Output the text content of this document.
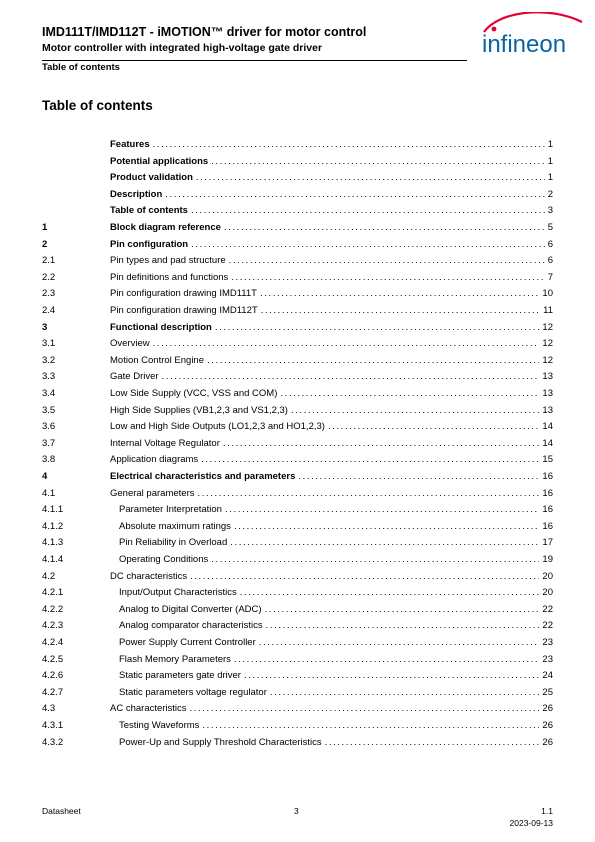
IMD111T/IMD112T - iMOTION™ driver for motor control
Motor controller with integrated high-voltage gate driver
Table of contents
infineon
Table of contents
Features .....	1
Potential applications .....	1
Product validation .....	1
Description .....	2
Table of contents .....	3
1	Block diagram reference .....	5
2	Pin configuration .....	6
2.1	Pin types and pad structure .....	6
2.2	Pin definitions and functions .....	7
2.3	Pin configuration drawing IMD111T .....	10
2.4	Pin configuration drawing IMD112T .....	11
3	Functional description .....	12
3.1	Overview .....	12
3.2	Motion Control Engine .....	12
3.3	Gate Driver .....	13
3.4	Low Side Supply (VCC, VSS and COM) .....	13
3.5	High Side Supplies (VB1,2,3 and VS1,2,3) .....	13
3.6	Low and High Side Outputs (LO1,2,3 and HO1,2,3) .....	14
3.7	Internal Voltage Regulator .....	14
3.8	Application diagrams .....	15
4	Electrical characteristics and parameters .....	16
4.1	General parameters .....	16
4.1.1	Parameter Interpretation .....	16
4.1.2	Absolute maximum ratings .....	16
4.1.3	Pin Reliability in Overload .....	17
4.1.4	Operating Conditions .....	19
4.2	DC characteristics .....	20
4.2.1	Input/Output Characteristics .....	20
4.2.2	Analog to Digital Converter (ADC) .....	22
4.2.3	Analog comparator characteristics .....	22
4.2.4	Power Supply Current Controller .....	23
4.2.5	Flash Memory Parameters .....	23
4.2.6	Static parameters gate driver .....	24
4.2.7	Static parameters voltage regulator .....	25
4.3	AC characteristics .....	26
4.3.1	Testing Waveforms .....	26
4.3.2	Power-Up and Supply Threshold Characteristics .....	26
Datasheet	3	1.1
2023-09-13
